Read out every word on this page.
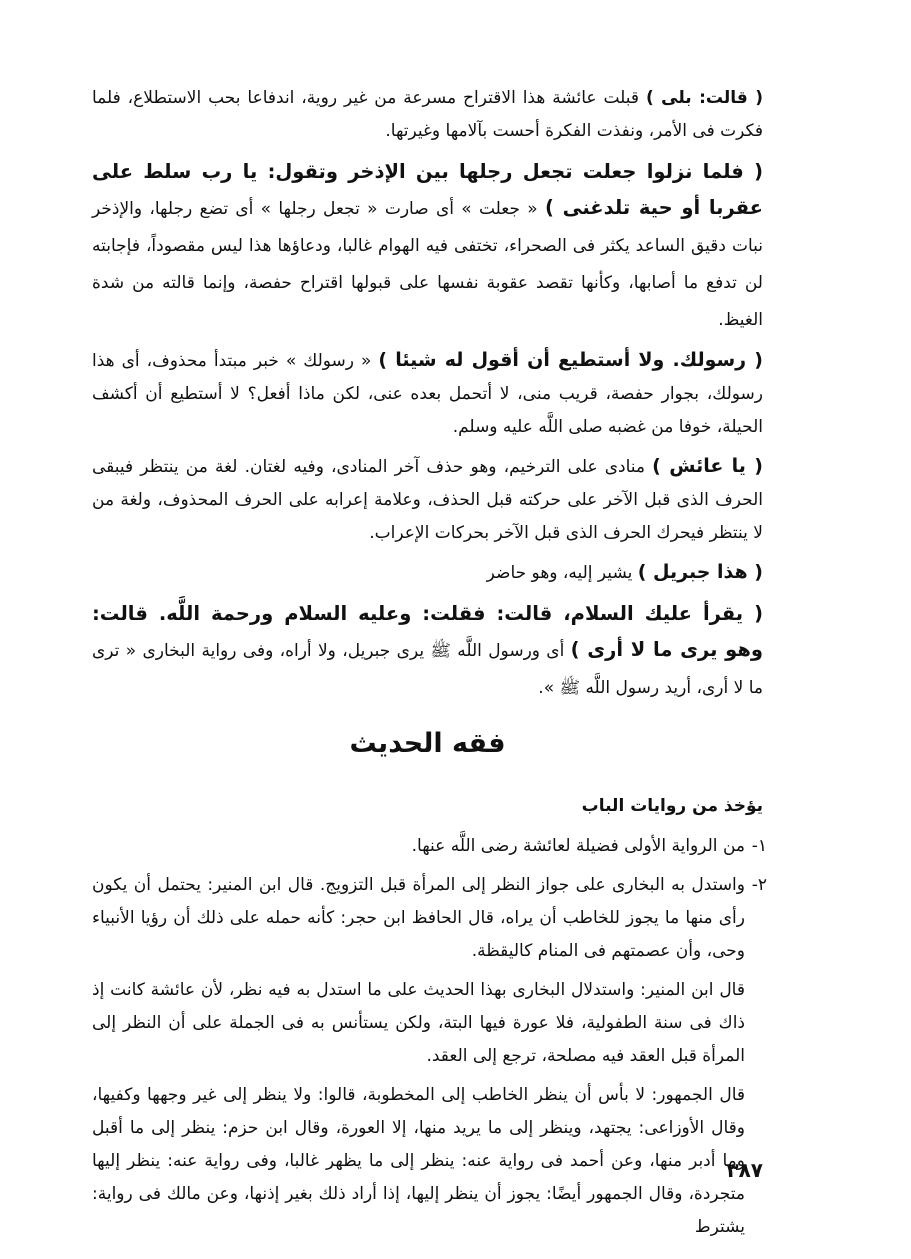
( قالت: بلى ) قبلت عائشة هذا الاقتراح مسرعة من غير روية، اندفاعا بحب الاستطلاع، فلما فكرت فى الأمر، ونفذت الفكرة أحست بآلامها وغيرتها.

( فلما نزلوا جعلت تجعل رجلها بين الإذخر وتقول: يا رب سلط على عقربا أو حية تلدغنى ) « جعلت » أى صارت « تجعل رجلها » أى تضع رجلها، والإذخر نبات دقيق الساعد يكثر فى الصحراء، تختفى فيه الهوام غالبا، ودعاؤها هذا ليس مقصوداً، فإجابته لن تدفع ما أصابها، وكأنها تقصد عقوبة نفسها على قبولها اقتراح حفصة، وإنما قالته من شدة الغيظ.

( رسولك. ولا أستطيع أن أقول له شيئا ) « رسولك » خبر مبتدأ محذوف، أى هذا رسولك، بجوار حفصة، قريب منى، لا أتحمل بعده عنى، لكن ماذا أفعل؟ لا أستطيع أن أكشف الحيلة، خوفا من غضبه صلى اللَّه عليه وسلم.

( يا عائش ) منادى على الترخيم، وهو حذف آخر المنادى، وفيه لغتان. لغة من ينتظر فيبقى الحرف الذى قبل الآخر على حركته قبل الحذف، وعلامة إعرابه على الحرف المحذوف، ولغة من لا ينتظر فيحرك الحرف الذى قبل الآخر بحركات الإعراب.

( هذا جبريل ) يشير إليه، وهو حاضر

( يقرأ عليك السلام، قالت: فقلت: وعليه السلام ورحمة اللَّه. قالت: وهو يرى ما لا أرى ) أى ورسول اللَّه ﷺ يرى جبريل، ولا أراه، وفى رواية البخارى « ترى ما لا أرى، أريد رسول اللَّه ﷺ ».

فقه الحديث
يؤخذ من روايات الباب

١-
من الرواية الأولى فضيلة لعائشة رضى اللَّه عنها.

٢-
واستدل به البخارى على جواز النظر إلى المرأة قبل التزويج. قال ابن المنير: يحتمل أن يكون رأى منها ما يجوز للخاطب أن يراه، قال الحافظ ابن حجر: كأنه حمله على ذلك أن رؤيا الأنبياء وحى، وأن عصمتهم فى المنام كاليقظة.

قال ابن المنير: واستدلال البخارى بهذا الحديث على ما استدل به فيه نظر، لأن عائشة كانت إذ ذاك فى سنة الطفولية، فلا عورة فيها البتة، ولكن يستأنس به فى الجملة على أن النظر إلى المرأة قبل العقد فيه مصلحة، ترجع إلى العقد.

قال الجمهور: لا بأس أن ينظر الخاطب إلى المخطوبة، قالوا: ولا ينظر إلى غير وجهها وكفيها، وقال الأوزاعى: يجتهد، وينظر إلى ما يريد منها، إلا العورة، وقال ابن حزم: ينظر إلى ما أقبل وما أدبر منها، وعن أحمد فى رواية عنه: ينظر إلى ما يظهر غالبا، وفى رواية عنه: ينظر إليها متجردة، وقال الجمهور أيضًا: يجوز أن ينظر إليها، إذا أراد ذلك بغير إذنها، وعن مالك فى رواية: يشترط

٣٨٧
